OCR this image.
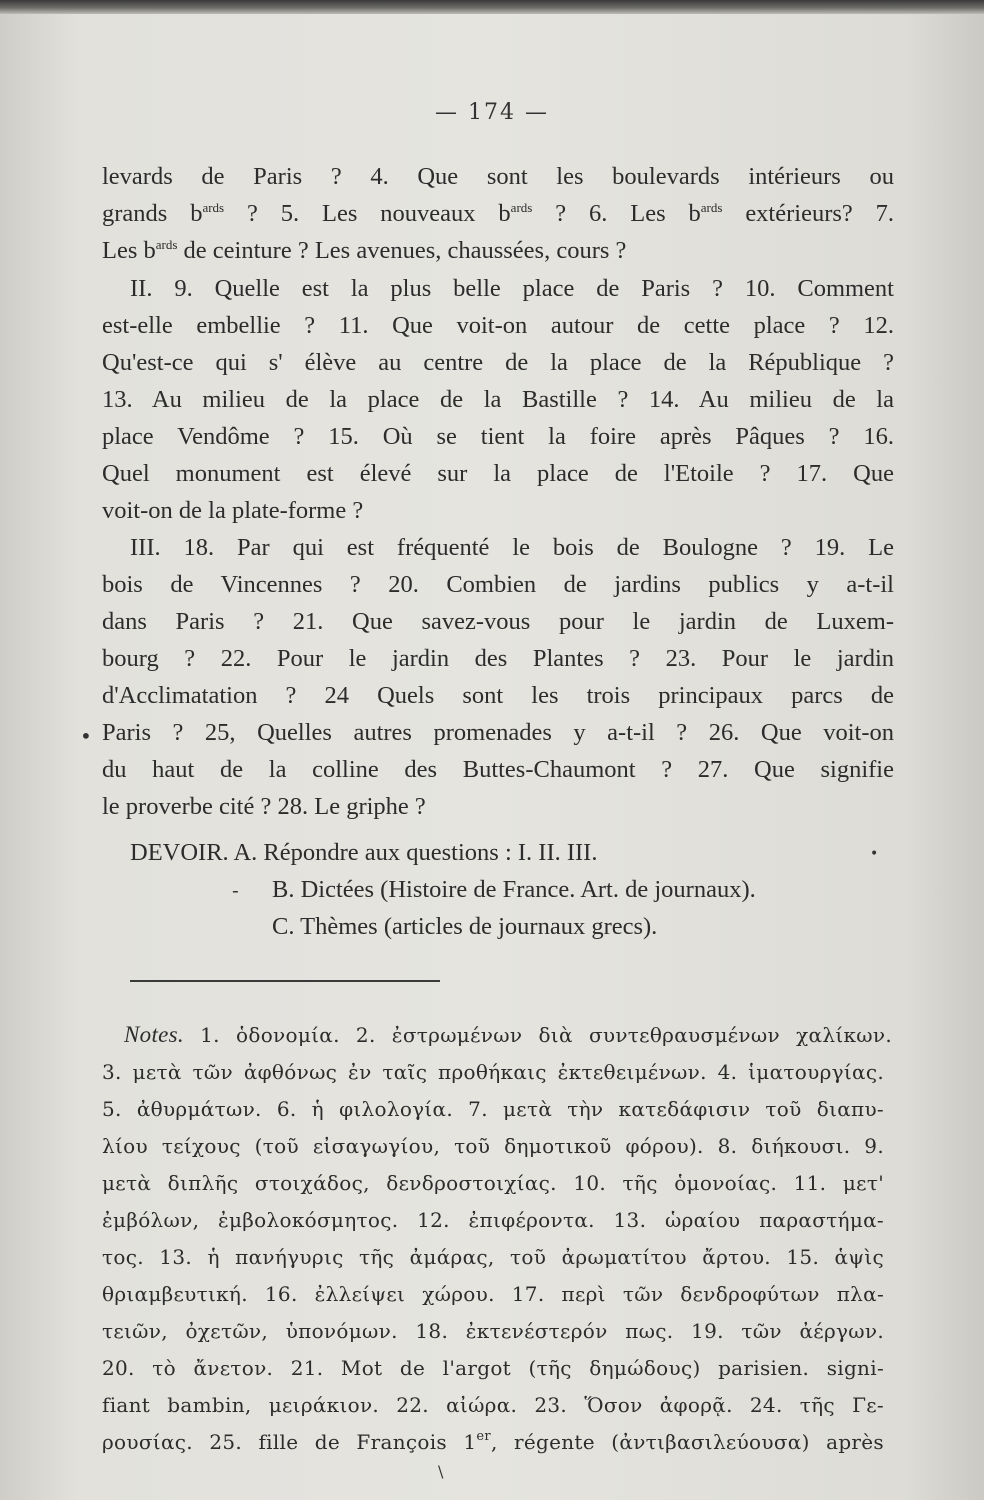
— 174 —
levards de Paris ? 4. Que sont les boulevards intérieurs ou
grands $b^{ards}$ ? 5. Les nouveaux $b^{ards}$ ? 6. Les $b^{ards}$ extérieurs? 7.
Les $b^{ards}$ de ceinture ? Les avenues, chaussées, cours ?
II. 9. Quelle est la plus belle place de Paris ? 10. Comment
est-elle embellie ? 11. Que voit-on autour de cette place ? 12.
Qu'est-ce qui s' élève au centre de la place de la République ?
13. Au milieu de la place de la Bastille ? 14. Au milieu de la
place Vendôme ? 15. Où se tient la foire après Pâques ? 16.
Quel monument est élevé sur la place de l'Etoile ? 17. Que
voit-on de la plate-forme ?
III. 18. Par qui est fréquenté le bois de Boulogne ? 19. Le
bois de Vincennes ? 20. Combien de jardins publics y a-t-il
dans Paris ? 21. Que savez-vous pour le jardin de Luxem-
bourg ? 22. Pour le jardin des Plantes ? 23. Pour le jardin
d'Acclimatation ? 24 Quels sont les trois principaux parcs de
Paris ? 25, Quelles autres promenades y a-t-il ? 26. Que voit-on
du haut de la colline des Buttes-Chaumont ? 27. Que signifie
le proverbe cité ? 28. Le griphe ?
DEVOIR. A. Répondre aux questions : I. II. III.
B. Dictées (Histoire de France. Art. de journaux).
C. Thèmes (articles de journaux grecs).
Notes. 1. ὁδονομία. 2. ἐστρωμένων διὰ συντεθραυσμένων χαλίκων.
3. μετὰ τῶν ἀφθόνως ἐν ταῖς προθήκαις ἐκτεθειμένων. 4. ἱματουργίας.
5. ἀθυρμάτων. 6. ἡ φιλολογία. 7. μετὰ τὴν κατεδάφισιν τοῦ διαπυ-
λίου τείχους (τοῦ εἰσαγωγίου, τοῦ δημοτικοῦ φόρου). 8. διήκουσι. 9.
μετὰ διπλῆς στοιχάδος, δενδροστοιχίας. 10. τῆς ὁμονοίας. 11. μετ'
ἐμβόλων, ἐμβολοκόσμητος. 12. ἐπιφέροντα. 13. ὡραίου παραστήμα-
τος. 13. ἡ πανήγυρις τῆς ἀμάρας, τοῦ ἀρωματίτου ἄρτου. 15. ἁψὶς
θριαμβευτική. 16. ἐλλείψει χώρου. 17. περὶ τῶν δενδροφύτων πλα-
τειῶν, ὀχετῶν, ὑπονόμων. 18. ἐκτενέστερόν πως. 19. τῶν ἀέργων.
20. τὸ ἄνετον. 21. Mot de l'argot (τῆς δημώδους) parisien. signi-
fiant bambin, μειράκιον. 22. αἰώρα. 23. Ὅσον ἀφορᾷ. 24. τῆς Γε-
ρουσίας. 25. fille de François 1er, régente (ἀντιβασιλεύουσα) après
•
•
-
\
